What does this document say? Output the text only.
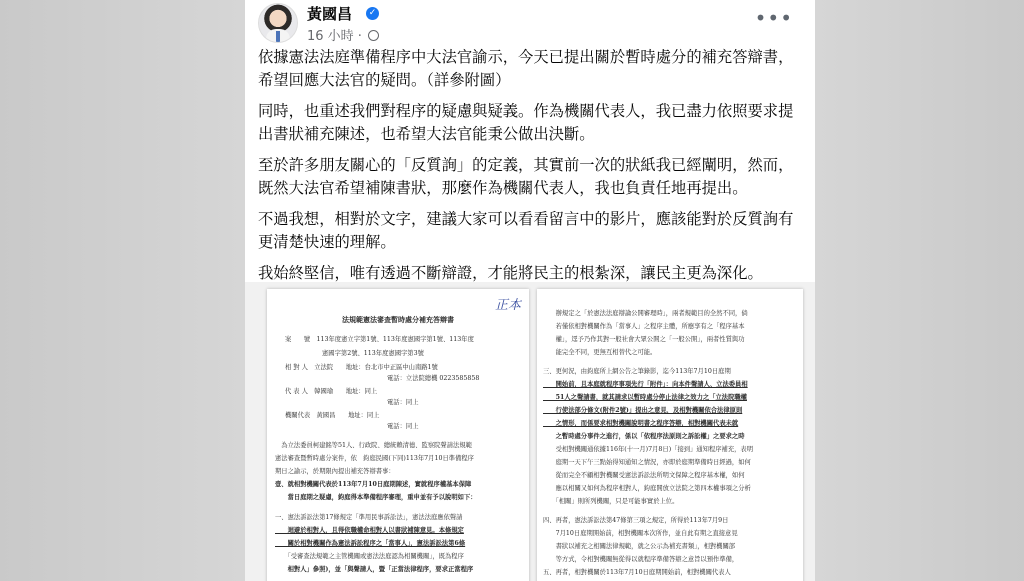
黃國昌	✓
16 小時 ·
•••

依據憲法法庭準備程序中大法官諭示，今天已提出關於暫時處分的補充答辯書，希望回應大法官的疑問。（詳參附圖）

同時，也重述我們對程序的疑慮與疑義。作為機關代表人，我已盡力依照要求提出書狀補充陳述，也希望大法官能秉公做出決斷。

至於許多朋友關心的「反質詢」的定義，其實前一次的狀紙我已經闡明，然而，既然大法官希望補陳書狀，那麼作為機關代表人，我也負責任地再提出。

不過我想，相對於文字，建議大家可以看看留言中的影片，應該能對於反質詢有更清楚快速的理解。

我始終堅信，唯有透過不斷辯證，才能將民主的根紮深，讓民主更為深化。

正本
法規範憲法審查暫時處分補充答辯書
案　　號　 113年度憲立字第1號、113年度憲國字第1號、113年度
憲國字第2號、113年度憲國字第3號
相 對 人　 立法院　　地址：台北市中正區中山南路1號
電話：立法院總機 0223585858
代 表 人　 韓國瑜　　地址：同上
電話：同上
機關代表　 黃國昌　　地址：同上
電話：同上
　為立法委員柯建銘等51人、行政院、總統賴清德、監察院聲請法規範
憲法審查暨暫時處分案件，依　鈞庭民國(下同)113年7月10日準備程序
期日之諭示，於期限內提出補充答辯書事：
壹、就相對機關代表於113年7月10日庭期陳述，實就程序權基本保障
　　當日庭期之疑慮，鈞庭得本準備程序審理，重申並有予以說明如下：
一、憲法訴訟法第17條規定「準用民事訴訟法」，憲法法庭應依聲請
　　迴避於相對人，且得依職權命相對人以書狀補陳意見。本條規定
　　關於相對機關作為憲法訴訟程序之「當事人」，憲法訴訟法第6條
　　「受審查法規範之主管機關或憲法法庭認為相關機關」，既為程序
　　相對人」參照)，並「與聲請人，暨「正當法律程序，要求正當程序
　　辦規定之「於憲法法庭辯論公開審理時」，兩者規範目的全然不同，倘
　　若僅依相對機關作為「當事人」之程序主體，所應享有之「程序基本
　　權」，逕予乃作其對一般社會大眾公開之「一般公開」，兩者性質與功
　　能完全不同，更無互相替代之可能。
三、更何況，由鈞庭所上網公告之筆錄影，迄今113年7月10日庭期
　　開始前，且本庭就程序事項先行「附件」：向本件聲請人、立法委員相
　　51人之聲請書，就其請求以暫時處分停止法律之效力之「立法院職權
　　行使法部分條文(附件2號)」提出之意見，及相對機關依合法律原則
　　之情形，而係要求相對機關說明書之程序答辯，相對機關代表未就
　　之暫時處分事件之進行，係以「依程序法原則之訴訟權」之要求之時
　　受相對機關通依據116年(十一月)7月8日)「接到」通知程序補充，表明
　　庭期一天下午三點始得知通知之情況，亦即於庭期準備時日經過，如何
　　從而完全不顧相對機關受憲法訴訟法所明文保障之程序基本權，如何
　　應以相關又如何為程序相對人，鈞庭開放立法院之第四本權事項之分析
　　「相關」則所列機關，只是可能事實於上位。
四、再者，憲法訴訟法第47條第三項之規定，所得於113年7月9日
　　7月10日庭期開始前，相對機關本次所作，並自此有期之直接意見
　　書狀以補充之相關法律規範，就之公示為補充書類」，相對機關部
　　等方式，令相對機關無從得以就程序準備答辯之意旨以預作準備，
五、再者，相對機關於113年7月10日庭期開始前，相對機關代表人
